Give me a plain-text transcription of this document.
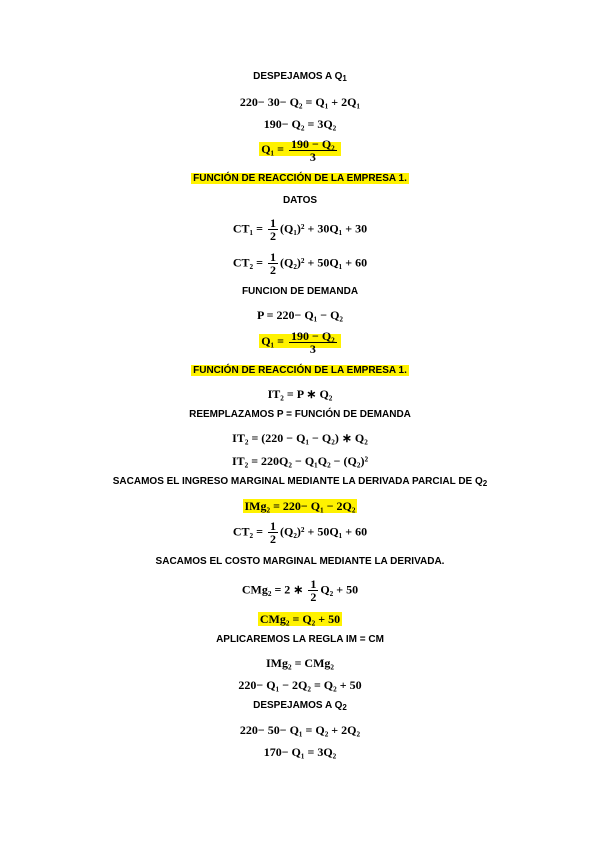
DESPEJAMOS A $Q_1$
220− 30− Q₂ = Q₁ + 2Q₁
190− Q₂ = 3Q₂
$Q_1 = \frac{\text{190 − Q₂}}{3}$
FUNCIÓN DE REACCIÓN DE LA EMPRESA 1.
DATOS
$CT_1 = \frac{1}{2} (Q_1)^2 + 30Q_1 + 30$
$CT_2 = \frac{1}{2} (Q_2)^2 + 50Q_1 + 60$
FUNCION DE DEMANDA
P = 220− Q₁ − Q₂
$Q_1 = \frac{\text{190 − Q₂}}{3}$
FUNCIÓN DE REACCIÓN DE LA EMPRESA 1.
IT₂ = P ∗ Q₂
REEMPLAZAMOS P = FUNCIÓN DE DEMANDA
IT₂ = (220 − Q₁ − Q₂) ∗ Q₂
IT₂ = 220Q₂ − Q₁Q₂ − (Q₂)²
SACAMOS EL INGRESO MARGINAL MEDIANTE LA DERIVADA PARCIAL DE $Q_2$
IMg₂ = 220− Q₁ − 2Q₂
$CT_2 = \frac{1}{2} (Q_2)^2 + 50Q_1 + 60$
SACAMOS EL COSTO MARGINAL MEDIANTE LA DERIVADA.
CMg₂ = 2 ∗ $\frac{1}{2} Q_2 + 50$
CMg₂ = Q₂ + 50
APLICAREMOS LA REGLA IM = CM
IMg₂ = CMg₂
220− Q₁ − 2Q₂ = Q₂ + 50
DESPEJAMOS A $Q_2$
220− 50− Q₁ = Q₂ + 2Q₂
170− Q₁ = 3Q₂
